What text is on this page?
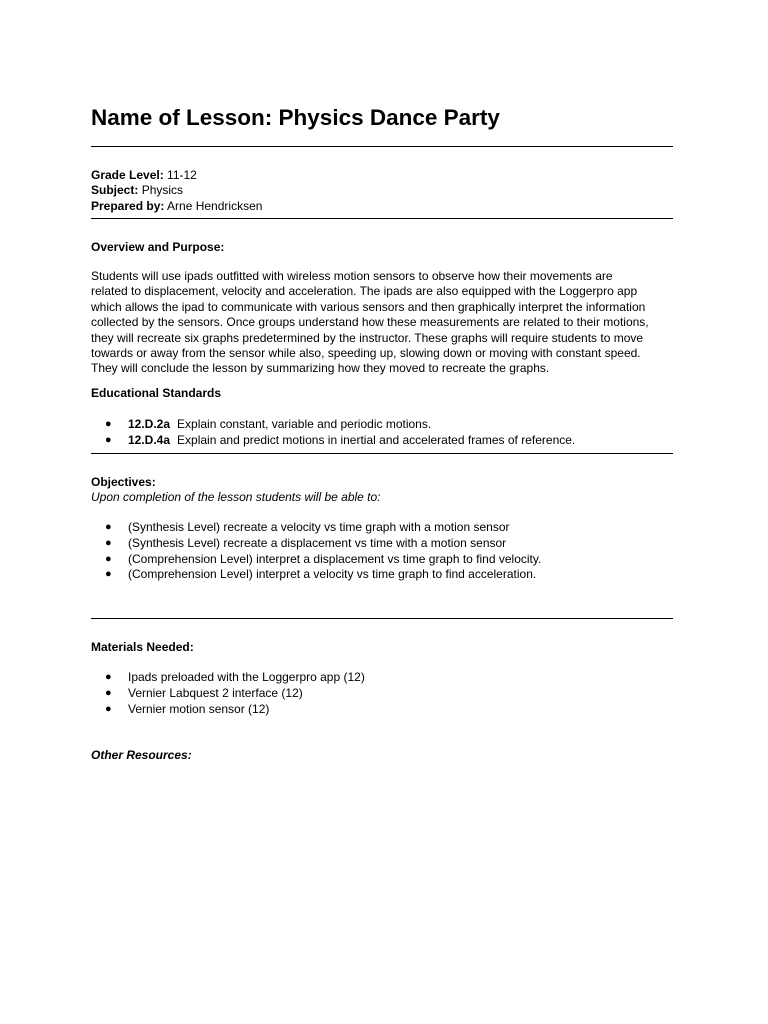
Name of Lesson: Physics Dance Party
Grade Level: 11-12
Subject: Physics
Prepared by: Arne Hendricksen
Overview and Purpose:
Students will use ipads outfitted with wireless motion sensors to observe how their movements are
related to displacement, velocity and acceleration. The ipads are also equipped with the Loggerpro app
which allows the ipad to communicate with various sensors and then graphically interpret the information
collected by the sensors. Once groups understand how these measurements are related to their motions,
they will recreate six graphs predetermined by the instructor. These graphs will require students to move
towards or away from the sensor while also, speeding up, slowing down or moving with constant speed.
They will conclude the lesson by summarizing how they moved to recreate the graphs.
Educational Standards
● 12.D.2a Explain constant, variable and periodic motions.
● 12.D.4a Explain and predict motions in inertial and accelerated frames of reference.
Objectives:
Upon completion of the lesson students will be able to:
● (Synthesis Level) recreate a velocity vs time graph with a motion sensor
● (Synthesis Level) recreate a displacement vs time with a motion sensor
● (Comprehension Level) interpret a displacement vs time graph to find velocity.
● (Comprehension Level) interpret a velocity vs time graph to find acceleration.
Materials Needed:
● Ipads preloaded with the Loggerpro app (12)
● Vernier Labquest 2 interface (12)
● Vernier motion sensor (12)
Other Resources:
